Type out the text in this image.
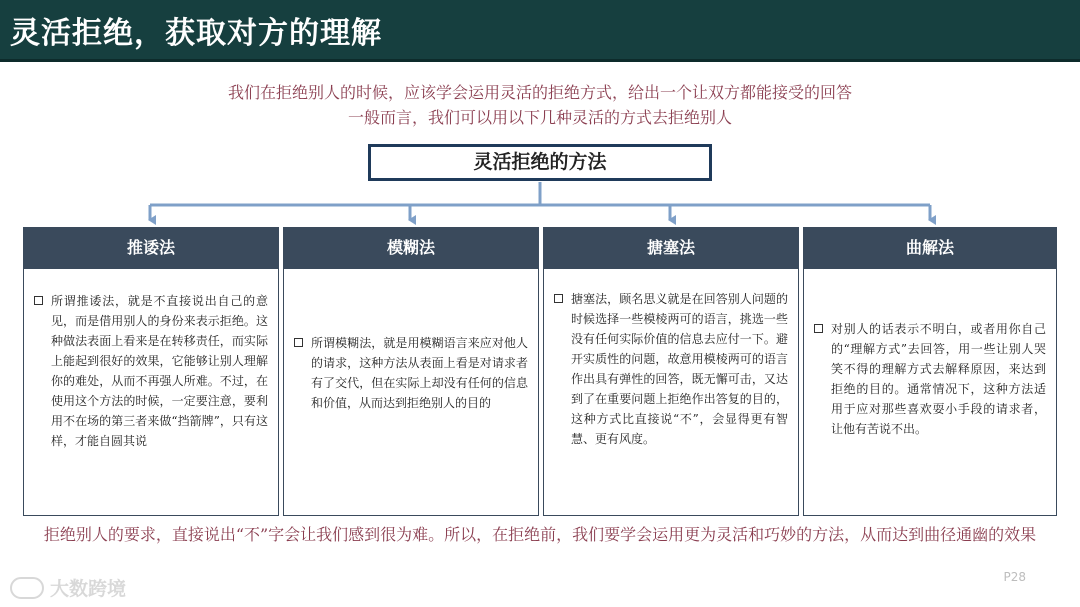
灵活拒绝，获取对方的理解
我们在拒绝别人的时候，应该学会运用灵活的拒绝方式，给出一个让双方都能接受的回答
一般而言，我们可以用以下几种灵活的方式去拒绝别人
灵活拒绝的方法
推诿法
所谓推诿法，就是不直接说出自己的意见，而是借用别人的身份来表示拒绝。这种做法表面上看来是在转移责任，而实际上能起到很好的效果，它能够让别人理解你的难处，从而不再强人所难。不过，在使用这个方法的时候，一定要注意，要利用不在场的第三者来做“挡箭牌”，只有这样，才能自圆其说
模糊法
所谓模糊法，就是用模糊语言来应对他人的请求，这种方法从表面上看是对请求者有了交代，但在实际上却没有任何的信息和价值，从而达到拒绝别人的目的
搪塞法
搪塞法，顾名思义就是在回答别人问题的时候选择一些模棱两可的语言，挑选一些没有任何实际价值的信息去应付一下。避开实质性的问题，故意用模棱两可的语言作出具有弹性的回答，既无懈可击，又达到了在重要问题上拒绝作出答复的目的，这种方式比直接说“不”，会显得更有智慧、更有风度。
曲解法
对别人的话表示不明白，或者用你自己的“理解方式”去回答，用一些让别人哭笑不得的理解方式去解释原因，来达到拒绝的目的。通常情况下，这种方法适用于应对那些喜欢耍小手段的请求者，让他有苦说不出。
拒绝别人的要求，直接说出“不”字会让我们感到很为难。所以，在拒绝前，我们要学会运用更为灵活和巧妙的方法，从而达到曲径通幽的效果
大数跨境
P28
